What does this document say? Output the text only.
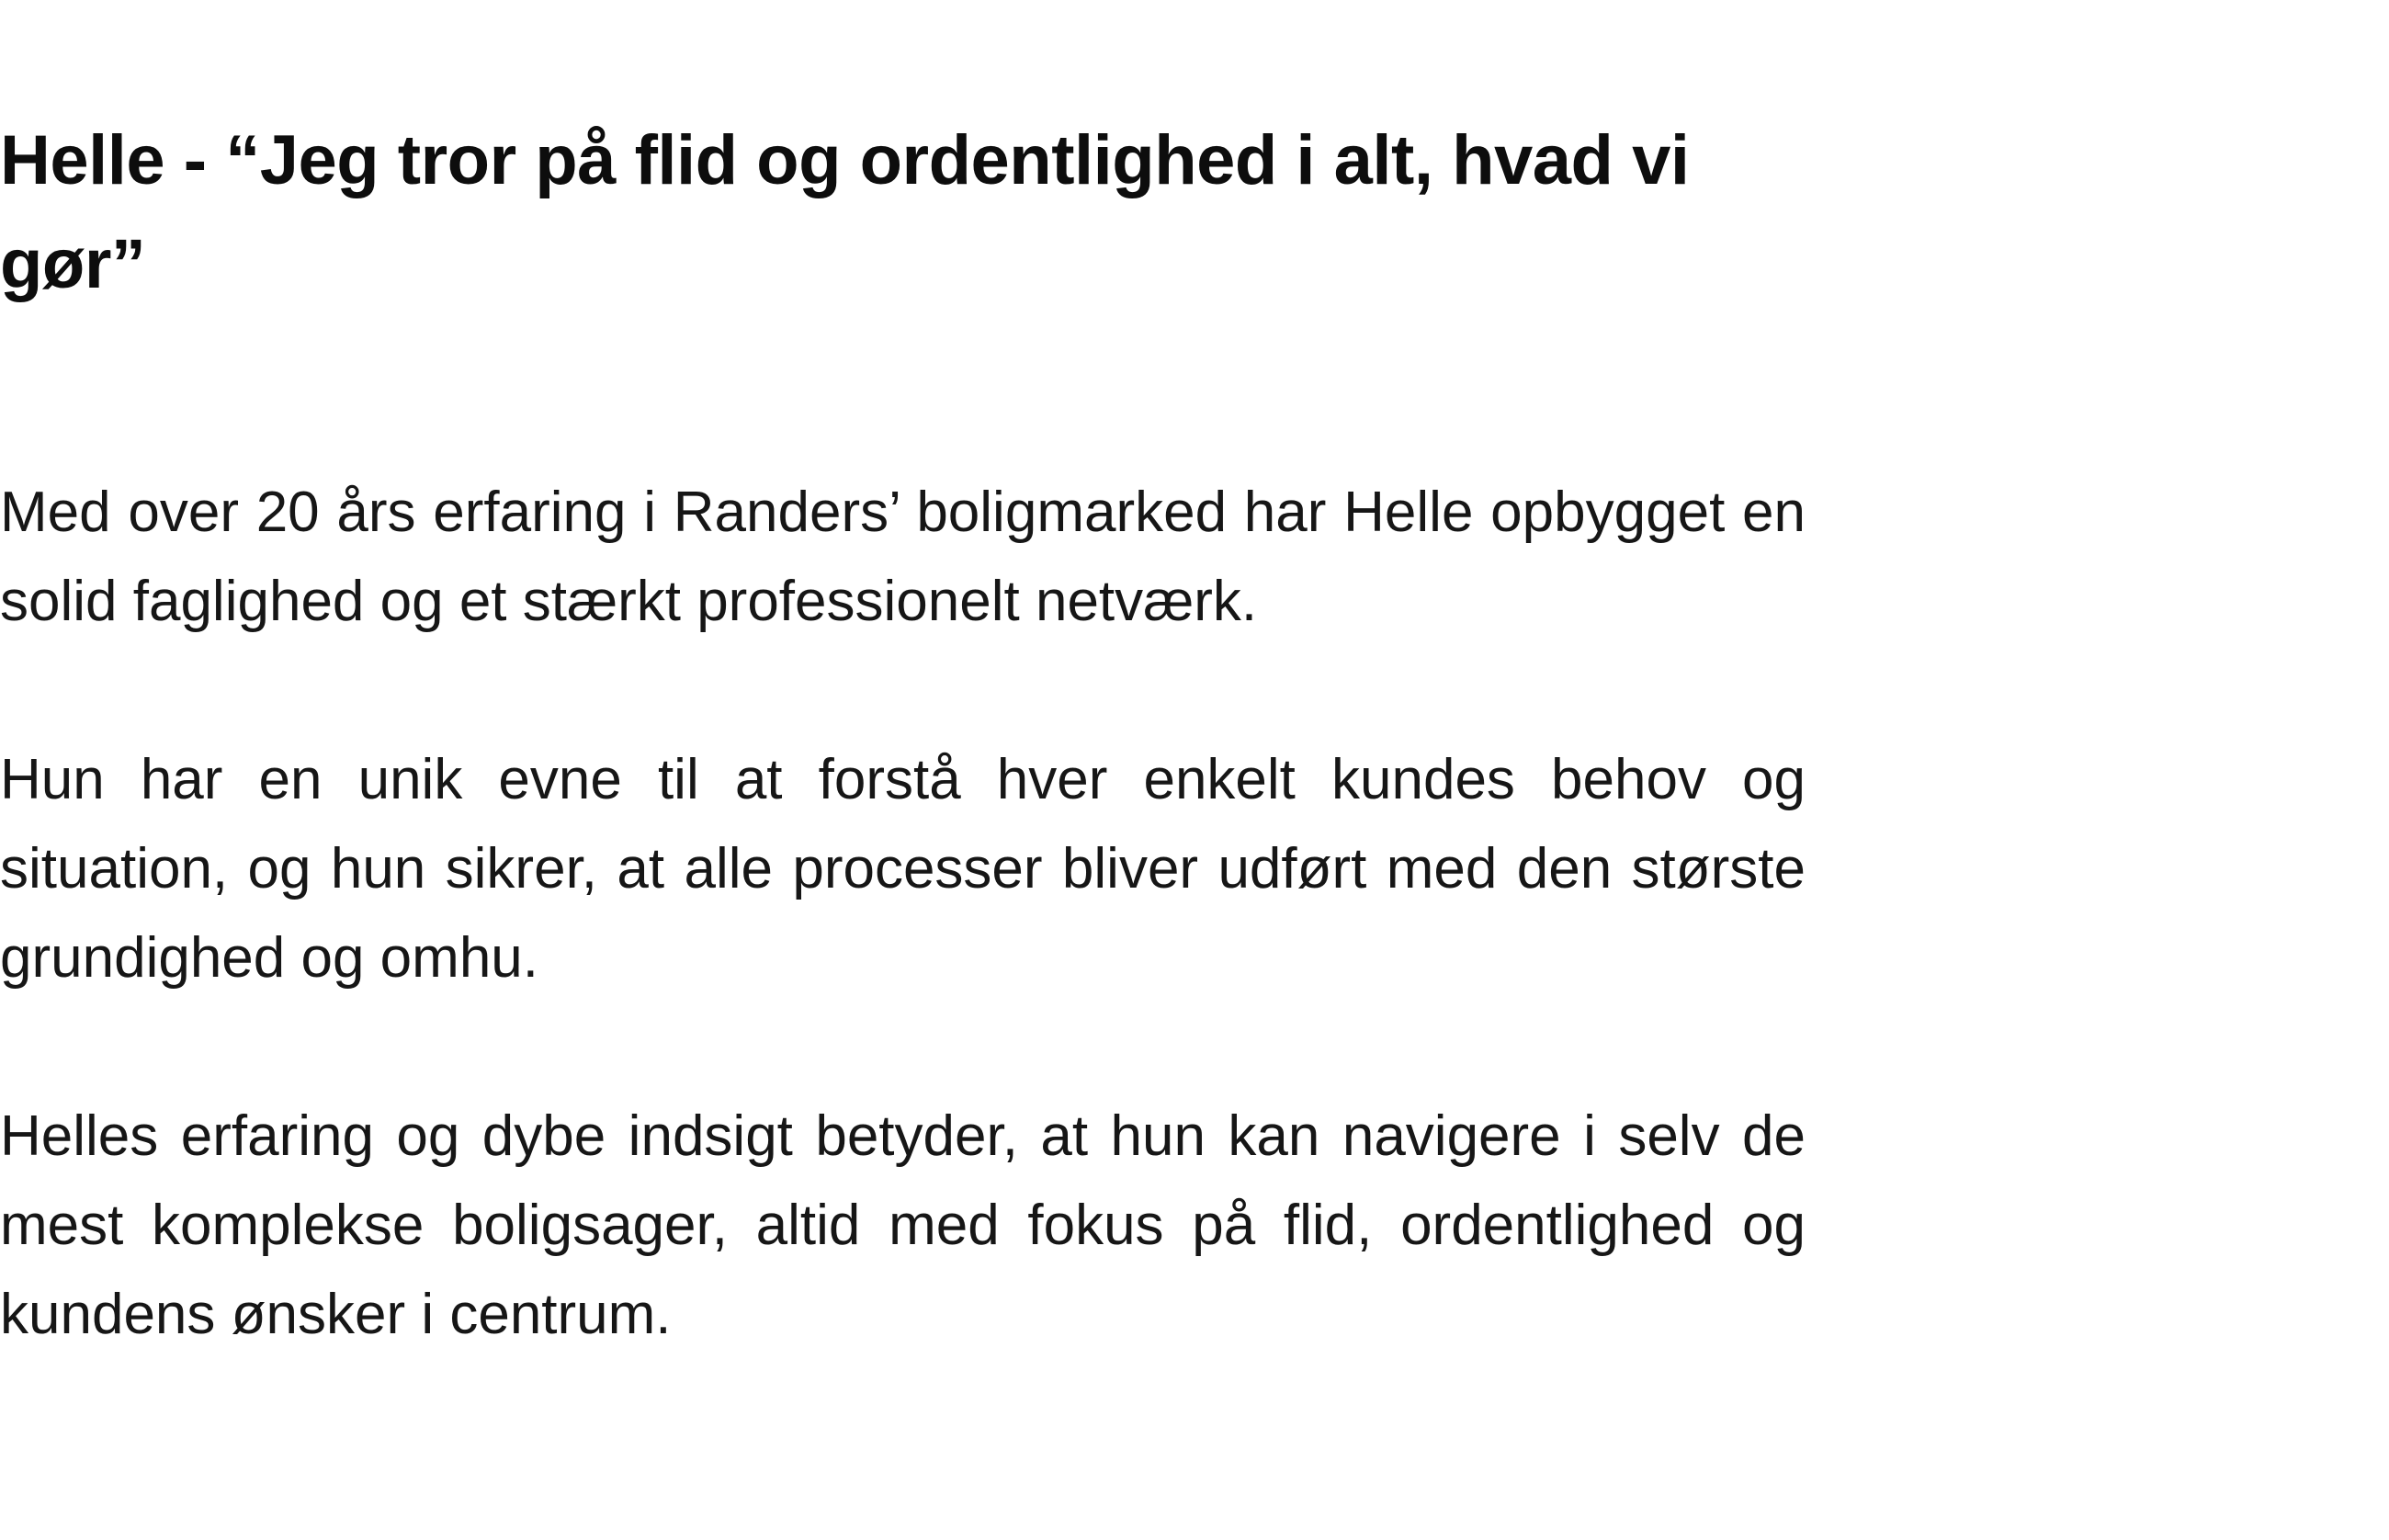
Helle - “Jeg tror på flid og ordentlighed i alt, hvad vi gør”

Med over 20 års erfaring i Randers’ boligmarked har Helle opbygget en solid faglighed og et stærkt professionelt netværk.

Hun har en unik evne til at forstå hver enkelt kundes behov og situation, og hun sikrer, at alle processer bliver udført med den største grundighed og omhu.

Helles erfaring og dybe indsigt betyder, at hun kan navigere i selv de mest komplekse boligsager, altid med fokus på flid, ordentlighed og kundens ønsker i centrum.
